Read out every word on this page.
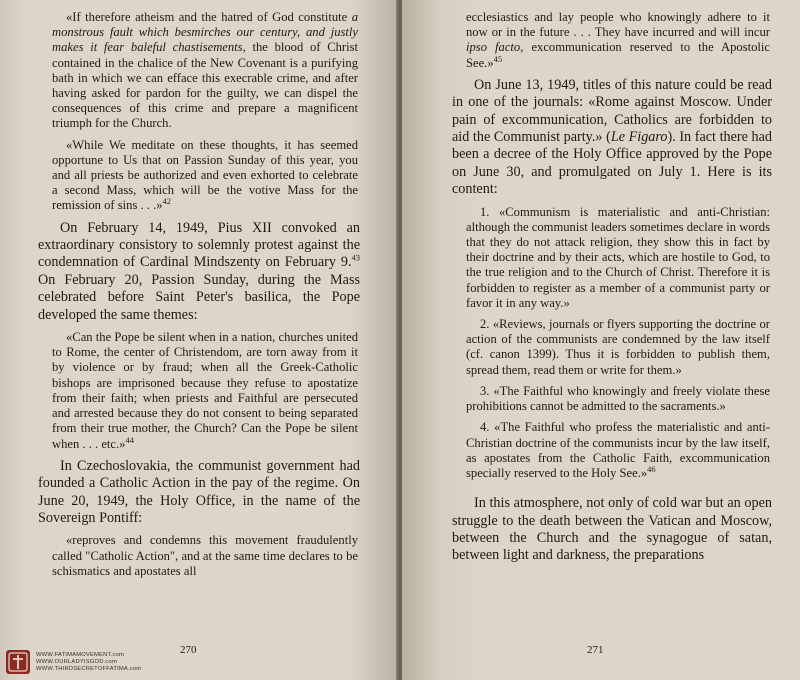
«If therefore atheism and the hatred of God constitute a monstrous fault which besmirches our century, and justly makes it fear baleful chastisements, the blood of Christ contained in the chalice of the New Covenant is a purifying bath in which we can efface this execrable crime, and after having asked for pardon for the guilty, we can dispel the consequences of this crime and prepare a magnificent triumph for the Church.

«While We meditate on these thoughts, it has seemed opportune to Us that on Passion Sunday of this year, you and all priests be authorized and even exhorted to celebrate a second Mass, which will be the votive Mass for the remission of sins . . .»$^{42}$

On February 14, 1949, Pius XII convoked an extraordinary consistory to solemnly protest against the condemnation of Cardinal Mindszenty on February 9.43 On February 20, Passion Sunday, during the Mass celebrated before Saint Peter's basilica, the Pope developed the same themes:

«Can the Pope be silent when in a nation, churches united to Rome, the center of Christendom, are torn away from it by violence or by fraud; when all the Greek-Catholic bishops are imprisoned because they refuse to apostatize from their faith; when priests and Faithful are persecuted and arrested because they do not consent to being separated from their true mother, the Church? Can the Pope be silent when . . . etc.»$^{44}$

In Czechoslovakia, the communist government had founded a Catholic Action in the pay of the regime. On June 20, 1949, the Holy Office, in the name of the Sovereign Pontiff:

«reproves and condemns this movement fraudulently called "Catholic Action", and at the same time declares to be schismatics and apostates all

270
WWW.FATIMAMOVEMENT.com
WWW.OURLADYISGOD.com
WWW.THIRDSECRETOFFATIMA.com

ecclesiastics and lay people who knowingly adhere to it now or in the future . . . They have incurred and will incur ipso facto, excommunication reserved to the Apostolic See.»$^{45}$

On June 13, 1949, titles of this nature could be read in one of the journals: «Rome against Moscow. Under pain of excommunication, Catholics are forbidden to aid the Communist party.» (Le Figaro). In fact there had been a decree of the Holy Office approved by the Pope on June 30, and promulgated on July 1. Here is its content:

1. «Communism is materialistic and anti-Christian: although the communist leaders sometimes declare in words that they do not attack religion, they show this in fact by their doctrine and by their acts, which are hostile to God, to the true religion and to the Church of Christ. Therefore it is forbidden to register as a member of a communist party or favor it in any way.»

2. «Reviews, journals or flyers supporting the doctrine or action of the communists are condemned by the law itself (cf. canon 1399). Thus it is forbidden to publish them, spread them, read them or write for them.»

3. «The Faithful who knowingly and freely violate these prohibitions cannot be admitted to the sacraments.»

4. «The Faithful who profess the materialistic and anti-Christian doctrine of the communists incur by the law itself, as apostates from the Catholic Faith, excommunication specially reserved to the Holy See.»$^{46}$

In this atmosphere, not only of cold war but an open struggle to the death between the Vatican and Moscow, between the Church and the synagogue of satan, between light and darkness, the preparations

271
